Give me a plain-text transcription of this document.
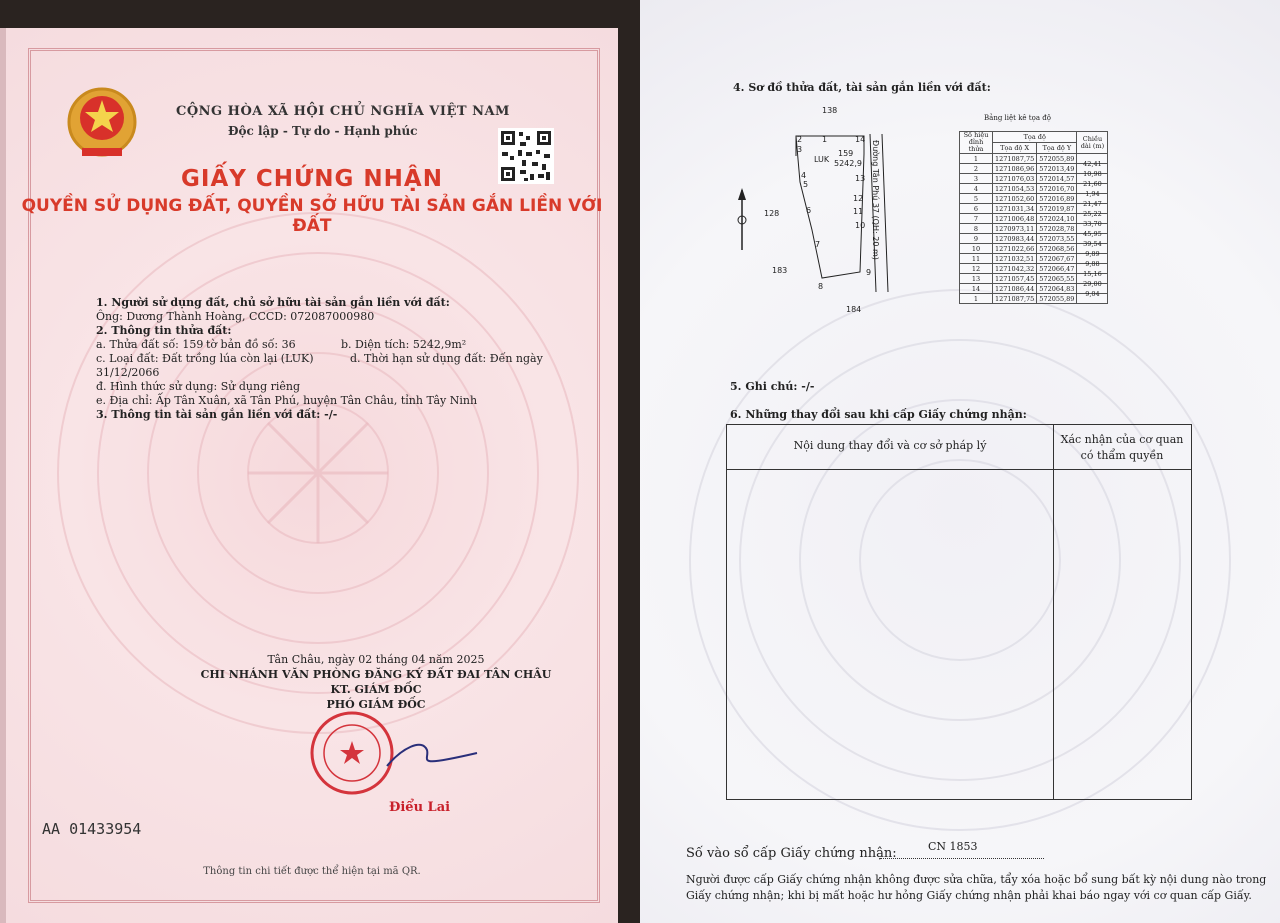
CỘNG HÒA XÃ HỘI CHỦ NGHĨA VIỆT NAM
Độc lập - Tự do - Hạnh phúc
GIẤY CHỨNG NHẬN
QUYỀN SỬ DỤNG ĐẤT, QUYỀN SỞ HỮU TÀI SẢN GẮN LIỀN VỚI ĐẤT
1. Người sử dụng đất, chủ sở hữu tài sản gắn liền với đất:
Ông: Dương Thành Hoàng, CCCD: 072087000980
2. Thông tin thửa đất:
a. Thửa đất số: 159 tờ bản đồ số: 36	b. Diện tích: 5242,9m²
c. Loại đất: Đất trồng lúa còn lại (LUK)	d. Thời hạn sử dụng đất: Đến ngày
31/12/2066
đ. Hình thức sử dụng: Sử dụng riêng
e. Địa chỉ: Ấp Tân Xuân, xã Tân Phú, huyện Tân Châu, tỉnh Tây Ninh
3. Thông tin tài sản gắn liền với đất: -/-
Tân Châu, ngày 02 tháng 04 năm 2025
CHI NHÁNH VĂN PHÒNG ĐĂNG KÝ ĐẤT ĐAI TÂN CHÂU
KT. GIÁM ĐỐC
PHÓ GIÁM ĐỐC
Điểu Lai
AA 01433954
Thông tin chi tiết được thể hiện tại mã QR.
4. Sơ đồ thửa đất, tài sản gắn liền với đất:
138
128
183
184
LUK
159
5242,9 Đường Tân Phú 37 (QH: 20 m)
1
2
3
4
5
6
7
8
9
10
11
12
13
14
Bảng liệt kê tọa độ
Số hiệu đỉnh thửa	Tọa độ		Chiều dài (m)
	Tọa độ X	Tọa độ Y	
1	1271087,75	572055,89	42,41
2	1271086,96	572013,49	10,98
3	1271076,03	572014,57	21,60
4	1271054,53	572016,70	1,94
5	1271052,60	572016,89	21,47
6	1271031,34	572019,87	25,22
7	1271006,48	572024,10	33,70
8	1270973,11	572028,78	45,95
9	1270983,44	572073,55	39,54
10	1271022,66	572068,56	9,89
11	1271032,51	572067,67	9,88
12	1271042,32	572066,47	15,16
13	1271057,45	572065,55	29,00
14	1271086,44	572064,83	9,04
1	1271087,75	572055,89	
5. Ghi chú: -/-
6. Những thay đổi sau khi cấp Giấy chứng nhận:
Nội dung thay đổi và cơ sở pháp lý	Xác nhận của cơ quan
có thẩm quyền
Số vào sổ cấp Giấy chứng nhận:	CN 1853
Người được cấp Giấy chứng nhận không được sửa chữa, tẩy xóa hoặc bổ sung bất kỳ nội dung nào trong
Giấy chứng nhận; khi bị mất hoặc hư hỏng Giấy chứng nhận phải khai báo ngay với cơ quan cấp Giấy.
